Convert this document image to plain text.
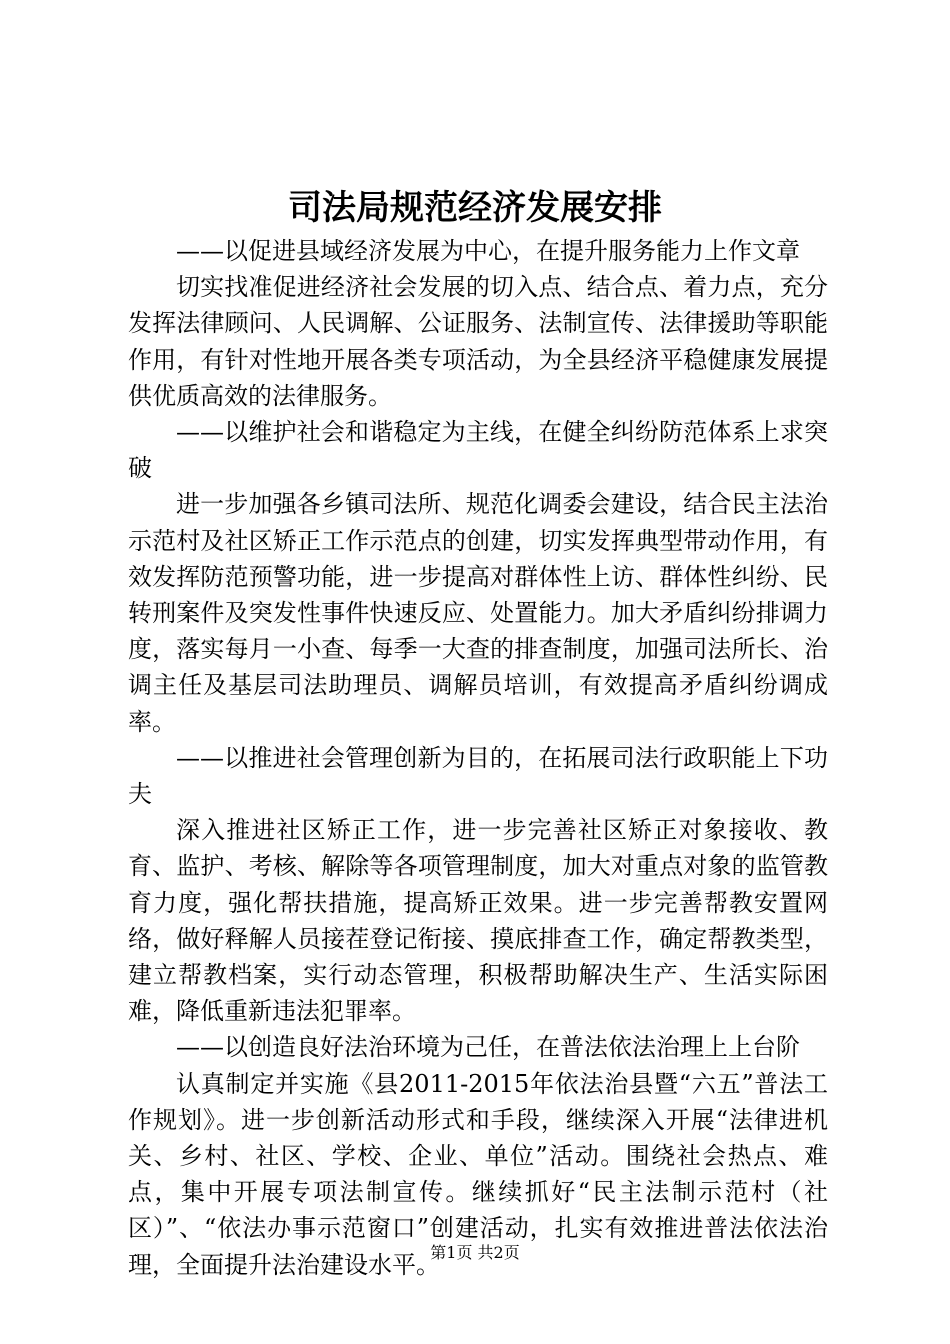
司法局规范经济发展安排

——以促进县域经济发展为中心，在提升服务能力上作文章

切实找准促进经济社会发展的切入点、结合点、着力点，充分发挥法律顾问、人民调解、公证服务、法制宣传、法律援助等职能作用，有针对性地开展各类专项活动，为全县经济平稳健康发展提供优质高效的法律服务。

——以维护社会和谐稳定为主线，在健全纠纷防范体系上求突破

进一步加强各乡镇司法所、规范化调委会建设，结合民主法治示范村及社区矫正工作示范点的创建，切实发挥典型带动作用，有效发挥防范预警功能，进一步提高对群体性上访、群体性纠纷、民转刑案件及突发性事件快速反应、处置能力。加大矛盾纠纷排调力度，落实每月一小查、每季一大查的排查制度，加强司法所长、治调主任及基层司法助理员、调解员培训，有效提高矛盾纠纷调成率。

——以推进社会管理创新为目的，在拓展司法行政职能上下功夫

深入推进社区矫正工作，进一步完善社区矫正对象接收、教育、监护、考核、解除等各项管理制度，加大对重点对象的监管教育力度，强化帮扶措施，提高矫正效果。进一步完善帮教安置网络，做好释解人员接茬登记衔接、摸底排查工作，确定帮教类型，建立帮教档案，实行动态管理，积极帮助解决生产、生活实际困难，降低重新违法犯罪率。

——以创造良好法治环境为己任，在普法依法治理上上台阶

认真制定并实施《县2011-2015年依法治县暨“六五”普法工作规划》。进一步创新活动形式和手段，继续深入开展“法律进机关、乡村、社区、学校、企业、单位”活动。围绕社会热点、难点，集中开展专项法制宣传。继续抓好“民主法制示范村（社区）”、“依法办事示范窗口”创建活动，扎实有效推进普法依法治理，全面提升法治建设水平。

第1页 共2页
